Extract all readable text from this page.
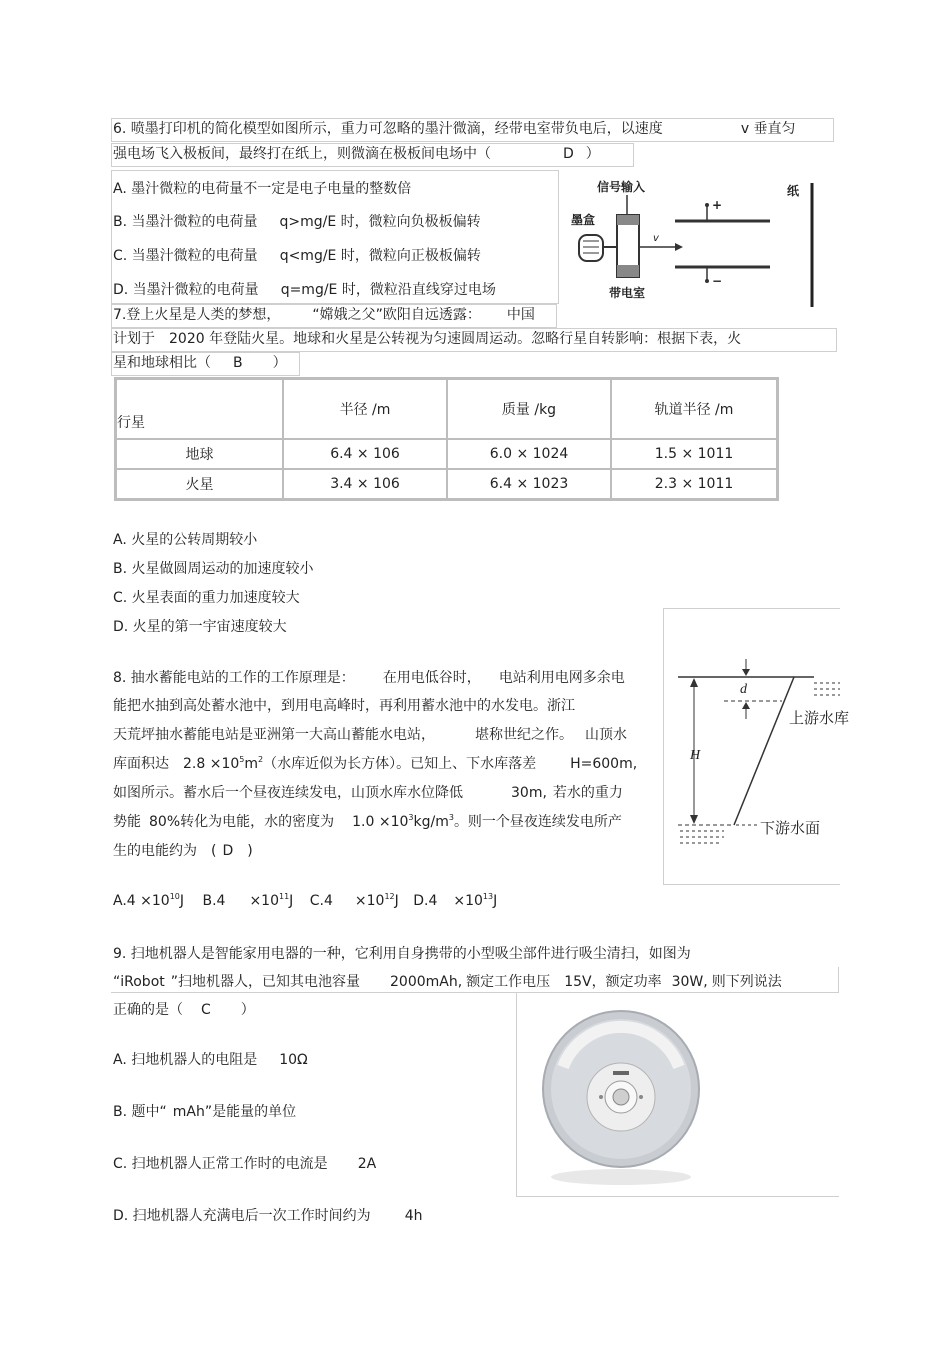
6. 喷墨打印机的简化模型如图所示，重力可忽略的墨汁微滴，经带电室带负电后，以速度	v 垂直匀
强电场飞入极板间，最终打在纸上，则微滴在极板间电场中（	D ）
A. 墨汁微粒的电荷量不一定是电子电量的整数倍
B. 当墨汁微粒的电荷量 q>mg/E 时，微粒向负极板偏转
C. 当墨汁微粒的电荷量 q<mg/E 时，微粒向正极板偏转
D. 当墨汁微粒的电荷量 q=mg/E 时，微粒沿直线穿过电场
信号输入
墨盒
带电室
纸
+
−
v
7.登上火星是人类的梦想， “嫦娥之父”欧阳自远透露： 中国
计划于　2020 年登陆火星。地球和火星是公转视为匀速圆周运动。忽略行星自转影响：根据下表，火
星和地球相比（ B ）
行星	半径 /m	质量 /kg	轨道半径 /m
地球	6.4 × 106	6.0 × 1024	1.5 × 1011
火星	3.4 × 106	6.4 × 1023	2.3 × 1011
A. 火星的公转周期较小
B. 火星做圆周运动的加速度较小
C. 火星表面的重力加速度较大
D. 火星的第一宇宙速度较大
8. 抽水蓄能电站的工作的工作原理是： 在用电低谷时， 电站利用电网多余电
能把水抽到高处蓄水池中，到用电高峰时，再利用蓄水池中的水发电。浙江
天荒坪抽水蓄能电站是亚洲第一大高山蓄能水电站，	堪称世纪之作。 山顶水
库面积达 $2.8 \times 10^5m^2$（水库近似为长方体）。已知上、下水库落差 H=600m,
如图所示。蓄水后一个昼夜连续发电，山顶水库水位降低	30m, 若水的重力
势能 80%转化为电能，水的密度为 $1.0 \times 10^3kg/m^3$。则一个昼夜连续发电所产
生的电能约为　( D )
$A.4 \times 10^{10}J$ $B.4 \times 10^{11}J$ $C.4 \times 10^{12}J$ $D.4 \times 10^{13}J$
d
H
上游水库
下游水面
9. 扫地机器人是智能家用电器的一种，它利用自身携带的小型吸尘部件进行吸尘清扫，如图为
“iRobot ”扫地机器人，已知其电池容量 2000mAh, 额定工作电压 15V，额定功率 30W, 则下列说法
正确的是（ C ）
A. 扫地机器人的电阻是 10Ω
B. 题中“ mAh”是能量的单位
C. 扫地机器人正常工作时的电流是 2A
D. 扫地机器人充满电后一次工作时间约为 4h
